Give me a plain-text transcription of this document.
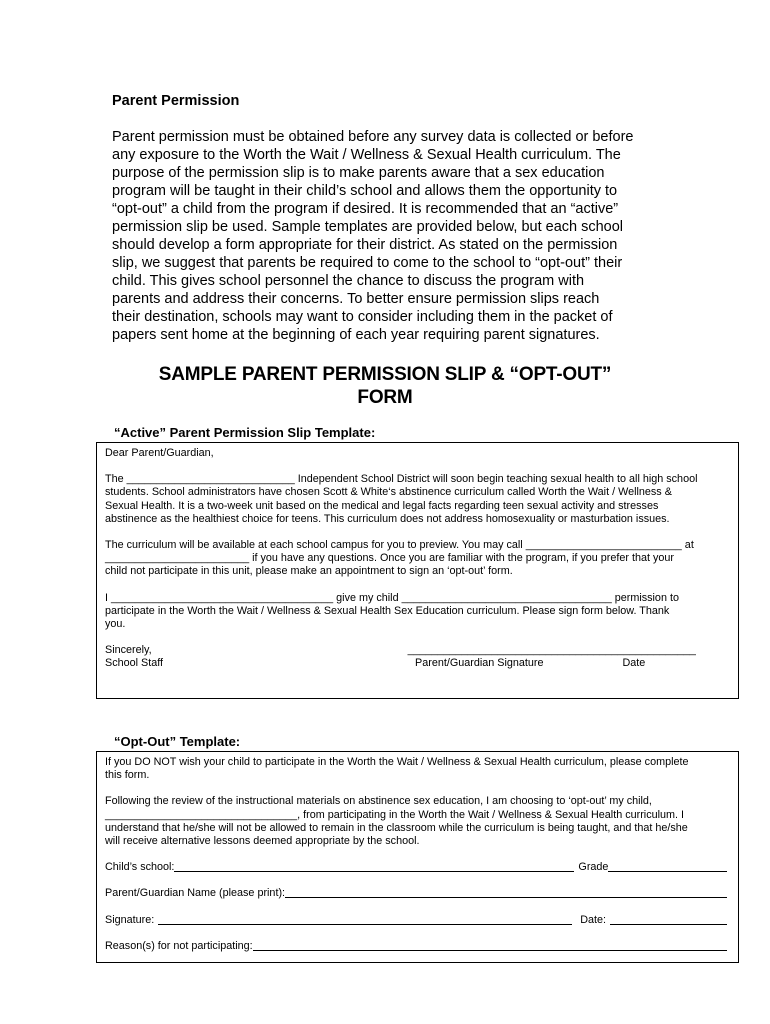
Parent Permission
Parent permission must be obtained before any survey data is collected or before
any exposure to the Worth the Wait / Wellness & Sexual Health curriculum. The
purpose of the permission slip is to make parents aware that a sex education
program will be taught in their child’s school and allows them the opportunity to
“opt-out” a child from the program if desired. It is recommended that an “active”
permission slip be used. Sample templates are provided below, but each school
should develop a form appropriate for their district. As stated on the permission
slip, we suggest that parents be required to come to the school to “opt-out” their
child. This gives school personnel the chance to discuss the program with
parents and address their concerns. To better ensure permission slips reach
their destination, schools may want to consider including them in the packet of
papers sent home at the beginning of each year requiring parent signatures.
SAMPLE PARENT PERMISSION SLIP & “OPT-OUT”
FORM
“Active” Parent Permission Slip Template:
Dear Parent/Guardian,
The ____________________________ Independent School District will soon begin teaching sexual health to all high school
students. School administrators have chosen Scott & White‘s abstinence curriculum called Worth the Wait / Wellness &
Sexual Health. It is a two-week unit based on the medical and legal facts regarding teen sexual activity and stresses
abstinence as the healthiest choice for teens. This curriculum does not address homosexuality or masturbation issues.
The curriculum will be available at each school campus for you to preview. You may call __________________________ at
________________________ if you have any questions. Once you are familiar with the program, if you prefer that your
child not participate in this unit, please make an appointment to sign an ‘opt-out’ form.
I _____________________________________ give my child ___________________________________ permission to
participate in the Worth the Wait / Wellness & Sexual Health Sex Education curriculum. Please sign form below. Thank
you.
Sincerely,	________________________________________________
School Staff	Parent/Guardian Signature	Date
“Opt-Out” Template:
If you DO NOT wish your child to participate in the Worth the Wait / Wellness & Sexual Health curriculum, please complete
this form.
Following the review of the instructional materials on abstinence sex education, I am choosing to ‘opt-out’ my child,
________________________________, from participating in the Worth the Wait / Wellness & Sexual Health curriculum. I
understand that he/she will not be allowed to remain in the classroom while the curriculum is being taught, and that he/she
will receive alternative lessons deemed appropriate by the school.
Child’s school:	Grade
Parent/Guardian Name (please print):
Signature:	Date:
Reason(s) for not participating:
